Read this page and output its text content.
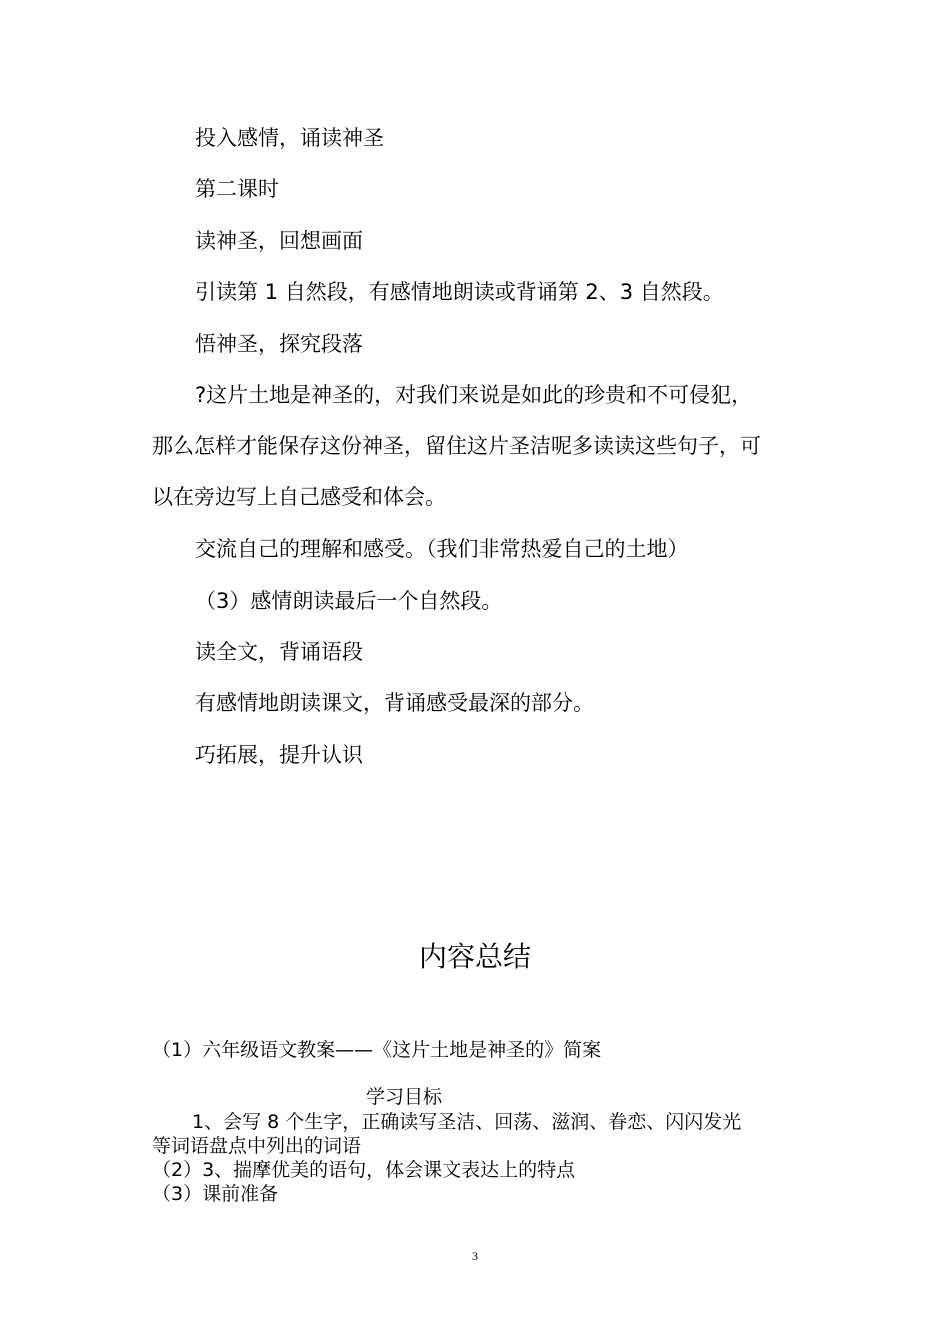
投入感情，诵读神圣
第二课时
读神圣，回想画面
引读第 1 自然段，有感情地朗读或背诵第 2、3 自然段。
悟神圣，探究段落
?这片土地是神圣的，对我们来说是如此的珍贵和不可侵犯，
那么怎样才能保存这份神圣，留住这片圣洁呢多读读这些句子，可
以在旁边写上自己感受和体会。
交流自己的理解和感受。（我们非常热爱自己的土地）
（3）感情朗读最后一个自然段。
读全文，背诵语段
有感情地朗读课文，背诵感受最深的部分。
巧拓展，提升认识
内容总结
（1）六年级语文教案——《这片土地是神圣的》简案
学习目标
1、会写 8 个生字，正确读写圣洁、回荡、滋润、眷恋、闪闪发光
等词语盘点中列出的词语
（2）3、揣摩优美的语句，体会课文表达上的特点
（3）课前准备
3
